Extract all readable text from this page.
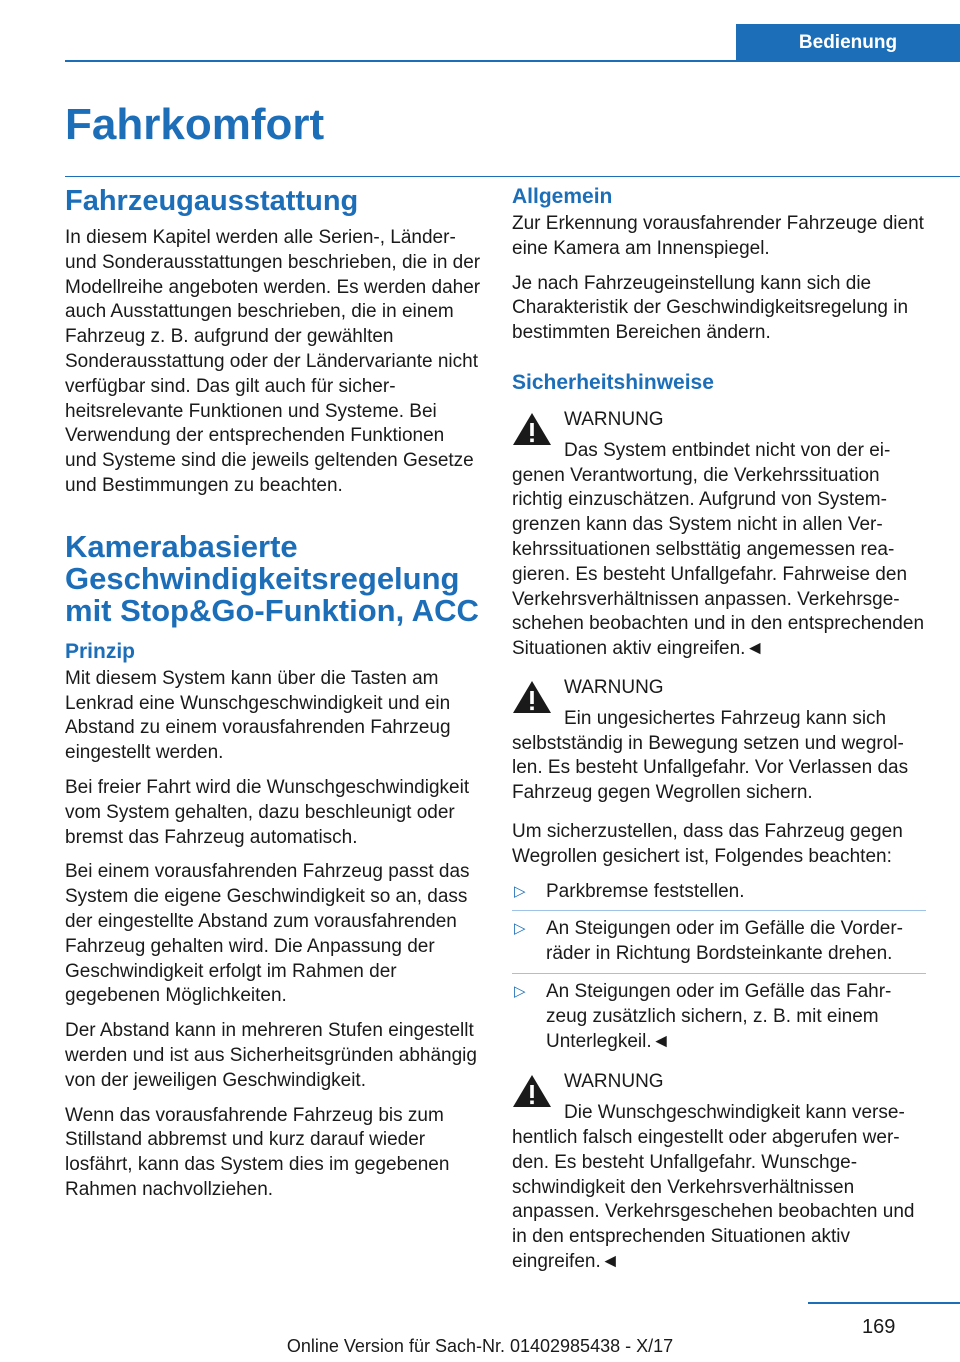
Fahrkomfort	Bedienung
Fahrkomfort
Fahrzeugausstattung

In diesem Kapitel werden alle Serien-, Länder- und Sonderausstattungen beschrieben, die in der Modellreihe angeboten werden. Es werden daher auch Ausstattungen beschrieben, die in einem Fahrzeug z. B. aufgrund der gewählten Sonderausstattung oder der Ländervariante nicht verfügbar sind. Das gilt auch für sicherheitsrelevante Funktionen und Systeme. Bei Verwendung der entsprechenden Funktionen und Systeme sind die jeweils geltenden Gesetze und Bestimmungen zu beachten.

Kamerabasierte Geschwindigkeitsregelung mit Stop&Go-Funktion, ACC
Prinzip

Mit diesem System kann über die Tasten am Lenkrad eine Wunschgeschwindigkeit und ein Abstand zu einem vorausfahrenden Fahrzeug eingestellt werden.

Bei freier Fahrt wird die Wunschgeschwindigkeit vom System gehalten, dazu beschleunigt oder bremst das Fahrzeug automatisch.

Bei einem vorausfahrenden Fahrzeug passt das System die eigene Geschwindigkeit so an, dass der eingestellte Abstand zum vorausfahrenden Fahrzeug gehalten wird. Die Anpassung der Geschwindigkeit erfolgt im Rahmen der gegebenen Möglichkeiten.

Der Abstand kann in mehreren Stufen eingestellt werden und ist aus Sicherheitsgründen abhängig von der jeweiligen Geschwindigkeit.

Wenn das vorausfahrende Fahrzeug bis zum Stillstand abbremst und kurz darauf wieder losfährt, kann das System dies im gegebenen Rahmen nachvollziehen.

Allgemein

Zur Erkennung vorausfahrender Fahrzeuge dient eine Kamera am Innenspiegel.

Je nach Fahrzeugeinstellung kann sich die Charakteristik der Geschwindigkeitsregelung in bestimmten Bereichen ändern.

Sicherheitshinweise
WARNUNG

Das System entbindet nicht von der eigenen Verantwortung, die Verkehrssituation richtig einzuschätzen. Aufgrund von Systemgrenzen kann das System nicht in allen Verkehrssituationen selbsttätig angemessen reagieren. Es besteht Unfallgefahr. Fahrweise den Verkehrsverhältnissen anpassen. Verkehrsgeschehen beobachten und in den entsprechenden Situationen aktiv eingreifen.◄

WARNUNG

Ein ungesichertes Fahrzeug kann sich selbstständig in Bewegung setzen und wegrollen. Es besteht Unfallgefahr. Vor Verlassen das Fahrzeug gegen Wegrollen sichern.

Um sicherzustellen, dass das Fahrzeug gegen Wegrollen gesichert ist, Folgendes beachten:

▷ Parkbremse feststellen.
▷ An Steigungen oder im Gefälle die Vorderräder in Richtung Bordsteinkante drehen.
▷ An Steigungen oder im Gefälle das Fahrzeug zusätzlich sichern, z. B. mit einem Unterlegkeil.◄
WARNUNG

Die Wunschgeschwindigkeit kann versehentlich falsch eingestellt oder abgerufen werden. Es besteht Unfallgefahr. Wunschgeschwindigkeit den Verkehrsverhältnissen anpassen. Verkehrsgeschehen beobachten und in den entsprechenden Situationen aktiv eingreifen.◄

169
Online Version für Sach-Nr. 01402985438 - X/17
